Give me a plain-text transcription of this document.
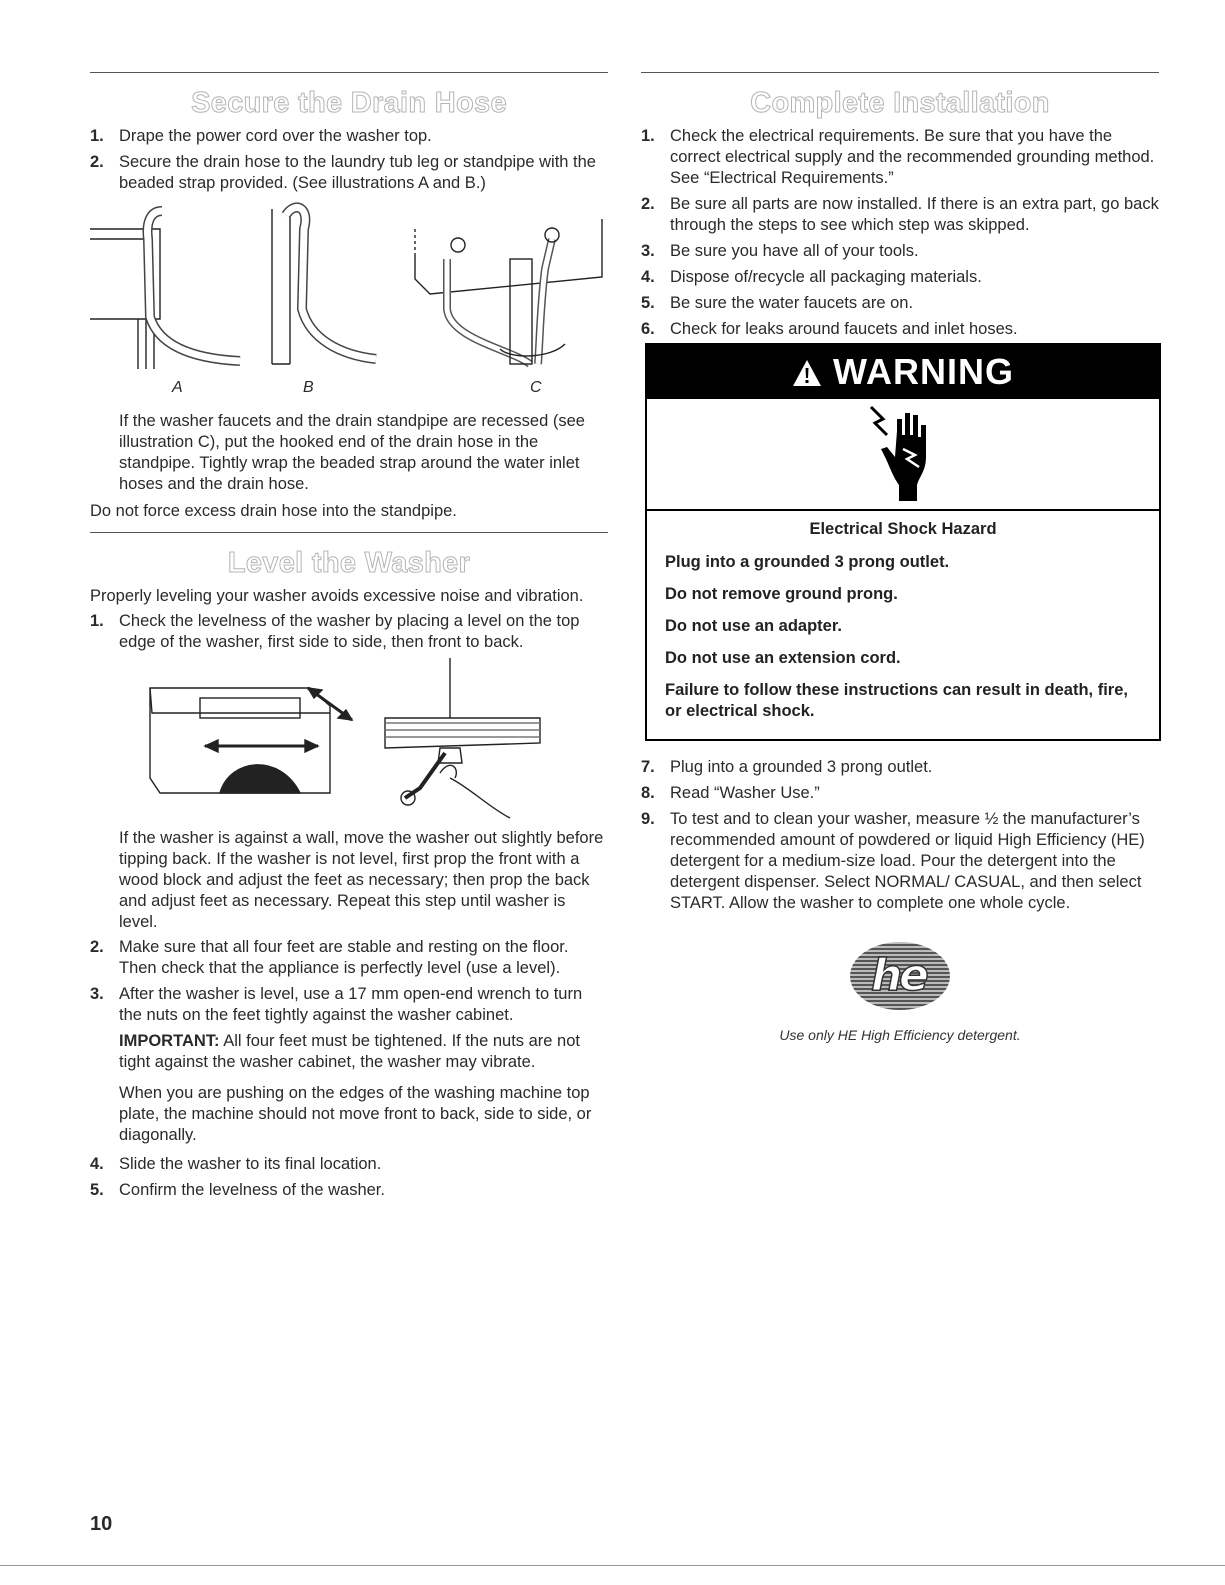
Secure the Drain Hose
1. Drape the power cord over the washer top.
2. Secure the drain hose to the laundry tub leg or standpipe with the beaded strap provided. (See illustrations A and B.)
A	B	C

If the washer faucets and the drain standpipe are recessed (see illustration C), put the hooked end of the drain hose in the standpipe. Tightly wrap the beaded strap around the water inlet hoses and the drain hose.

Do not force excess drain hose into the standpipe.

Level the Washer

Properly leveling your washer avoids excessive noise and vibration.

1. Check the levelness of the washer by placing a level on the top edge of the washer, first side to side, then front to back.

If the washer is against a wall, move the washer out slightly before tipping back. If the washer is not level, first prop the front with a wood block and adjust the feet as necessary; then prop the back and adjust feet as necessary. Repeat this step until washer is level.

2. Make sure that all four feet are stable and resting on the floor. Then check that the appliance is perfectly level (use a level).
3. After the washer is level, use a 17 mm open-end wrench to turn the nuts on the feet tightly against the washer cabinet.

IMPORTANT: All four feet must be tightened. If the nuts are not tight against the washer cabinet, the washer may vibrate.

When you are pushing on the edges of the washing machine top plate, the machine should not move front to back, side to side, or diagonally.

4. Slide the washer to its final location.
5. Confirm the levelness of the washer.
Complete Installation
1. Check the electrical requirements. Be sure that you have the correct electrical supply and the recommended grounding method. See “Electrical Requirements.”
2. Be sure all parts are now installed. If there is an extra part, go back through the steps to see which step was skipped.
3. Be sure you have all of your tools.
4. Dispose of/recycle all packaging materials.
5. Be sure the water faucets are on.
6. Check for leaks around faucets and inlet hoses.
WARNING

Electrical Shock Hazard

Plug into a grounded 3 prong outlet.

Do not remove ground prong.

Do not use an adapter.

Do not use an extension cord.

Failure to follow these instructions can result in death, fire, or electrical shock.

7. Plug into a grounded 3 prong outlet.
8. Read “Washer Use.”
9. To test and to clean your washer, measure ½ the manufacturer’s recommended amount of powdered or liquid High Efficiency (HE) detergent for a medium-size load. Pour the detergent into the detergent dispenser. Select NORMAL/ CASUAL, and then select START. Allow the washer to complete one whole cycle.
h
e
Use only HE High Efficiency detergent.
10
